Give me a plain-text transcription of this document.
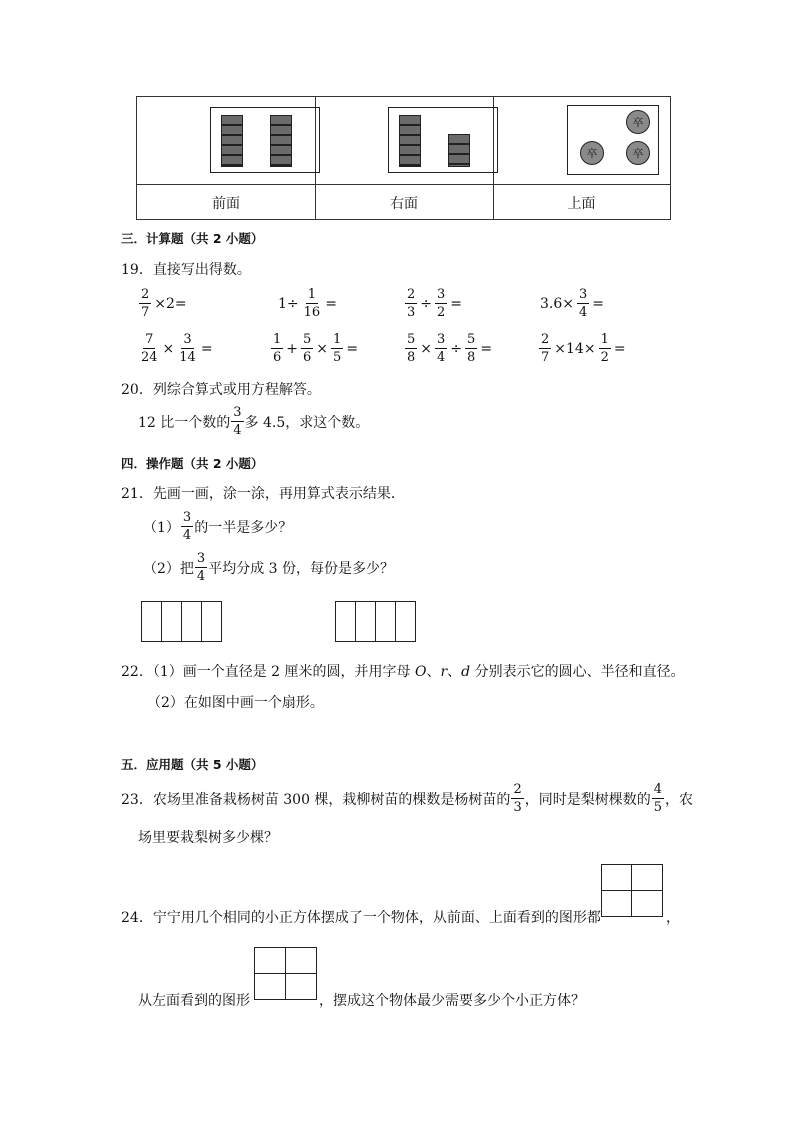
卒
卒	卒
前面	右面	上面
三．计算题（共 2 小题）
19．直接写出得数。
$\frac{2}{7} \times 2=$	$1\div \frac{1}{16}$ =	$\frac{2}{3} \div \frac{3}{2}$ =	$3.6\times \frac{3}{4}$ =
$\frac{7}{24} \times \frac{3}{14}$ =	$\frac{1}{6} + \frac{5}{6} \times \frac{1}{5}$ =	$\frac{5}{8} \times \frac{3}{4} \div \frac{5}{8}$ =	$\frac{2}{7} \times 14\times \frac{1}{2}$ =
20．列综合算式或用方程解答。
12 比一个数的 $\frac{3}{4}$ 多 4.5，求这个数。
四．操作题（共 2 小题）
21．先画一画，涂一涂，再用算式表示结果．
$(1) \frac{3}{4}$ 的一半是多少？
（2）把 $\frac{3}{4}$ 平均分成 3 份，每份是多少？
22．（1）画一个直径是 2 厘米的圆，并用字母 O、r、d 分别表示它的圆心、半径和直径。
（2）在如图中画一个扇形。
五．应用题（共 5 小题）
23．农场里准备栽杨树苗 300 棵，栽柳树苗的棵数是杨树苗的 $\frac{2}{3}$ ，同时是梨树棵数的 $\frac{4}{5}$ ，农
场里要栽梨树多少棵？
24．宁宁用几个相同的小正方体摆成了一个物体，从前面、上面看到的图形都	，
从左面看到的图形	，摆成这个物体最少需要多少个小正方体？
